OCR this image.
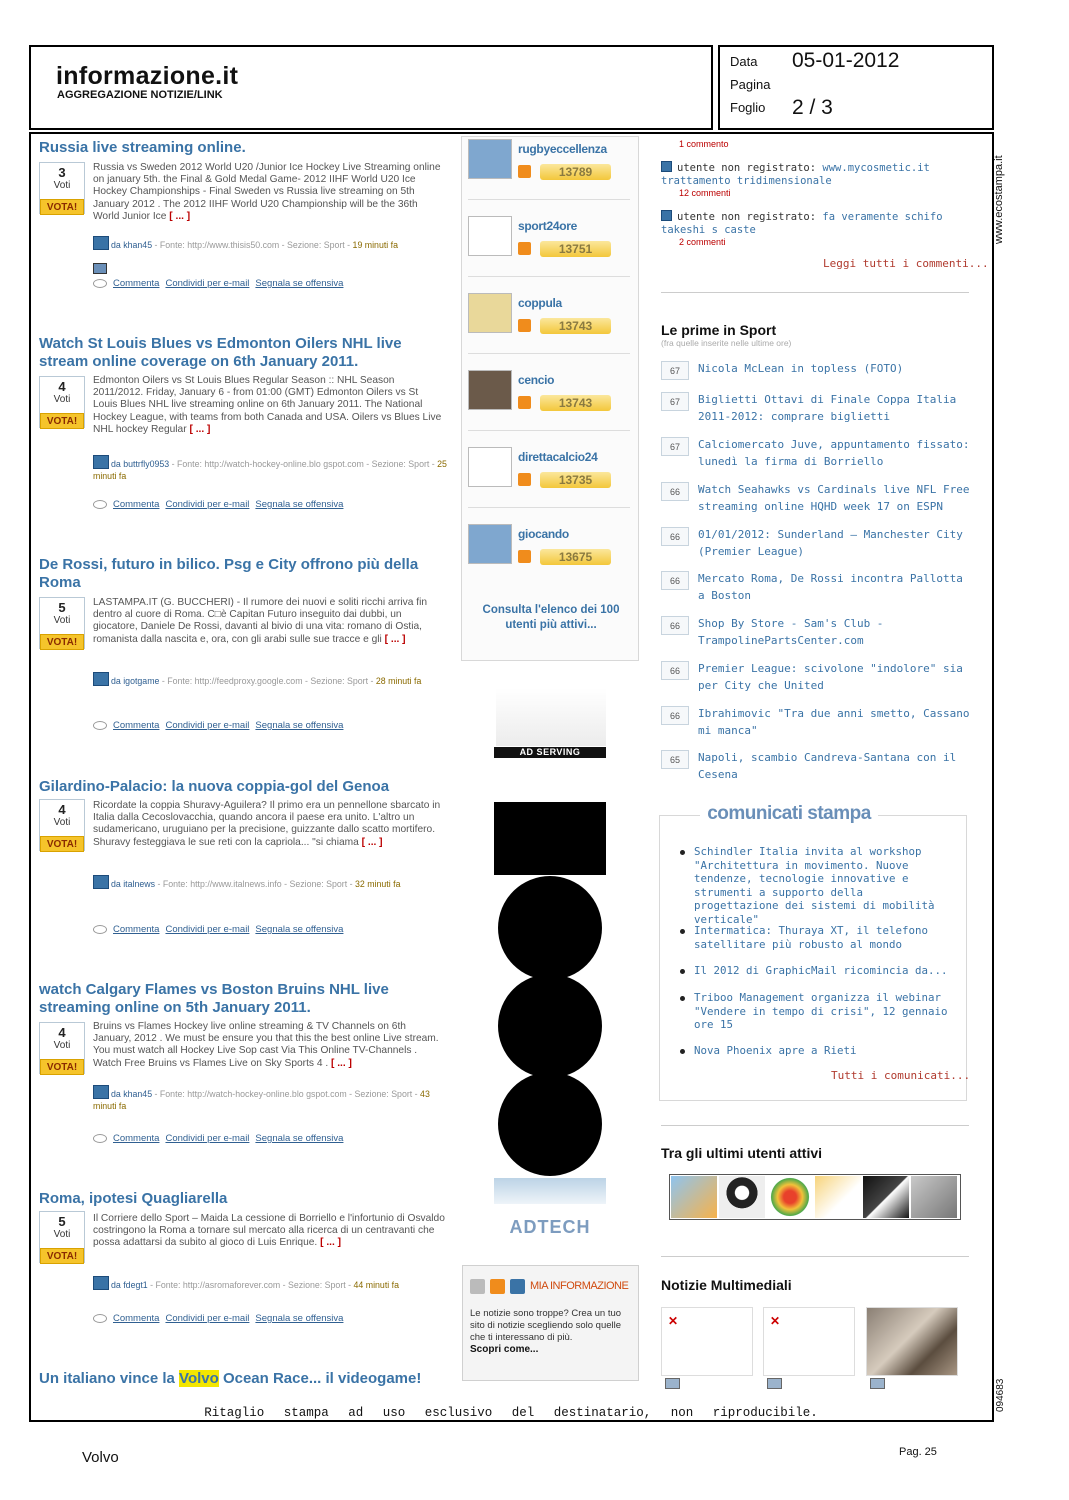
informazione.it
AGGREGAZIONE NOTIZIE/LINK
Data 05-01-2012
Pagina
Foglio 2 / 3
www.ecostampa.it
094683
Russia live streaming online.
3
Voti
VOTA!
Russia vs Sweden 2012 World U20 /Junior Ice Hockey Live Streaming online on january 5th. the Final & Gold Medal Game- 2012 IIHF World U20 Ice Hockey Championships - Final Sweden vs Russia live streaming on 5th January 2012 . The 2012 IIHF World U20 Championship will be the 36th World Junior Ice [ ... ]
da khan45 - Fonte: http://www.thisis50.com - Sezione: Sport - 19 minuti fa
Commenta Condividi per e-mail Segnala se offensiva
Watch St Louis Blues vs Edmonton Oilers NHL live stream online coverage on 6th January 2011.
4
Voti
VOTA!
Edmonton Oilers vs St Louis Blues Regular Season :: NHL Season 2011/2012. Friday, January 6 - from 01:00 (GMT) Edmonton Oilers vs St Louis Blues NHL live streaming online on 6th January 2011. The National Hockey League, with teams from both Canada and USA. Oilers vs Blues Live NHL hockey Regular [ ... ]
da buttrfly0953 - Fonte: http://watch-hockey-online.blo gspot.com - Sezione: Sport - 25 minuti fa
Commenta Condividi per e-mail Segnala se offensiva
De Rossi, futuro in bilico. Psg e City offrono più della Roma
5
Voti
VOTA!
LASTAMPA.IT (G. BUCCHERI) - Il rumore dei nuovi e soliti ricchi arriva fin dentro al cuore di Roma. C□è Capitan Futuro inseguito dai dubbi, un giocatore, Daniele De Rossi, davanti al bivio di una vita: romano di Ostia, romanista dalla nascita e, ora, con gli arabi sulle sue tracce e gli [ ... ]
da igotgame - Fonte: http://feedproxy.google.com - Sezione: Sport - 28 minuti fa
Commenta Condividi per e-mail Segnala se offensiva
Gilardino-Palacio: la nuova coppia-gol del Genoa
4
Voti
VOTA!
Ricordate la coppia Shuravy-Aguilera? Il primo era un pennellone sbarcato in Italia dalla Cecoslovacchia, quando ancora il paese era unito. L'altro un sudamericano, uruguiano per la precisione, guizzante dallo scatto mortifero. Shuravy festeggiava le sue reti con la capriola... "si chiama [ ... ]
da italnews - Fonte: http://www.italnews.info - Sezione: Sport - 32 minuti fa
Commenta Condividi per e-mail Segnala se offensiva
watch Calgary Flames vs Boston Bruins NHL live streaming online on 5th January 2011.
4
Voti
VOTA!
Bruins vs Flames Hockey live online streaming & TV Channels on 6th January, 2012 . We must be ensure you that this the best online Live stream. You must watch all Hockey Live Sop cast Via This Online TV-Channels . Watch Free Bruins vs Flames Live on Sky Sports 4 . [ ... ]
da khan45 - Fonte: http://watch-hockey-online.blo gspot.com - Sezione: Sport - 43 minuti fa
Commenta Condividi per e-mail Segnala se offensiva
Roma, ipotesi Quagliarella
5
Voti
VOTA!
Il Corriere dello Sport – Maida La cessione di Borriello e l'infortunio di Osvaldo costringono la Roma a tornare sul mercato alla ricerca di un centravanti che possa adattarsi da subito al gioco di Luis Enrique. [ ... ]
da fdegt1 - Fonte: http://asromaforever.com - Sezione: Sport - 44 minuti fa
Commenta Condividi per e-mail Segnala se offensiva
Un italiano vince la Volvo Ocean Race... il videogame!
rugbyeccellenza
13789
sport24ore
13751
coppula
13743
cencio
13743
direttacalcio24
13735
giocando
13675
Consulta l'elenco dei 100 utenti più attivi...
AD SERVING
ADTECH
MIA INFORMAZIONE
Le notizie sono troppe? Crea un tuo sito di notizie scegliendo solo quelle che ti interessano di più.
Scopri come...
1 commento
utente non registrato: www.mycosmetic.it trattamento tridimensionale
12 commenti
utente non registrato: fa veramente schifo takeshi s caste
2 commenti
Leggi tutti i commenti...
Le prime in Sport
(fra quelle inserite nelle ultime ore)
67	Nicola McLean in topless (FOTO)
67	Biglietti Ottavi di Finale Coppa Italia 2011-2012: comprare biglietti
67	Calciomercato Juve, appuntamento fissato: lunedì la firma di Borriello
66	Watch Seahawks vs Cardinals live NFL Free streaming online HQHD week 17 on ESPN
66	01/01/2012: Sunderland – Manchester City (Premier League)
66	Mercato Roma, De Rossi incontra Pallotta a Boston
66	Shop By Store - Sam's Club - TrampolinePartsCenter.com
66	Premier League: scivolone "indolore" sia per City che United
66	Ibrahimovic "Tra due anni smetto, Cassano mi manca"
65	Napoli, scambio Candreva-Santana con il Cesena
comunicati stampa
Schindler Italia invita al workshop "Architettura in movimento. Nuove tendenze, tecnologie innovative e strumenti a supporto della progettazione dei sistemi di mobilità verticale"
Intermatica: Thuraya XT, il telefono satellitare più robusto al mondo
Il 2012 di GraphicMail ricomincia da...
Triboo Management organizza il webinar "Vendere in tempo di crisi", 12 gennaio ore 15
Nova Phoenix apre a Rieti
Tutti i comunicati...
Tra gli ultimi utenti attivi
Notizie Multimediali
✕	✕
Ritaglio stampa ad uso esclusivo del destinatario, non riproducibile.
Volvo	Pag. 25
